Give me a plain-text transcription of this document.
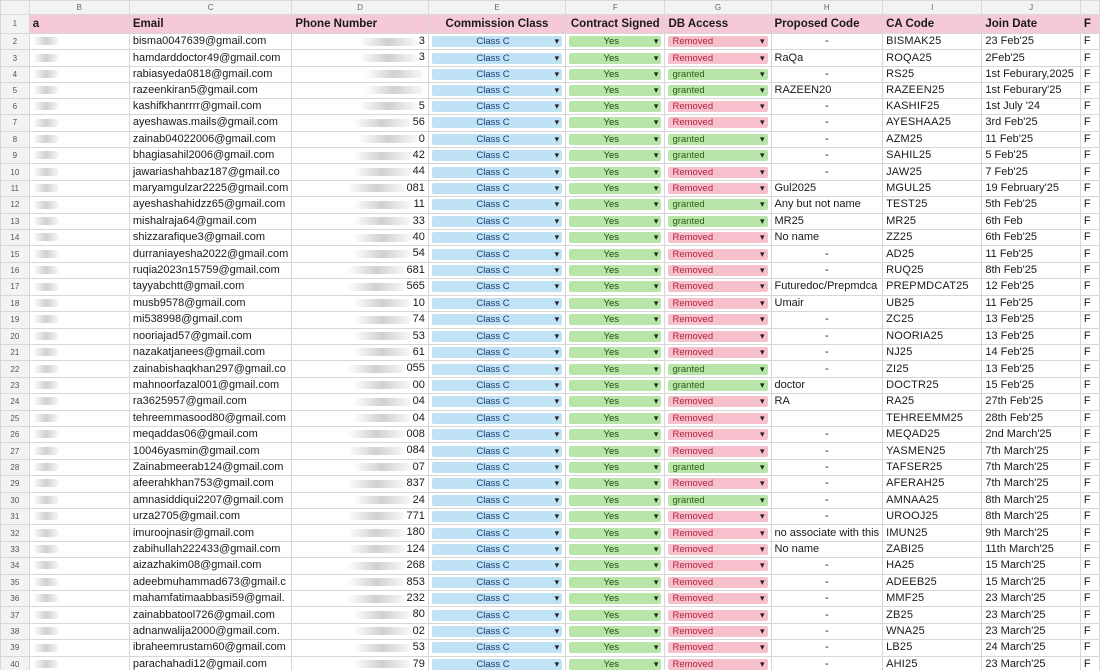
	B	C	D	E	F	G	H	I	J	
1	a	Email	Phone Number	Commission Class	Contract Signed	DB Access	Proposed Code	CA Code	Join Date	F
2		bisma0047639@gmail.com	3	Class C ▾	Yes ▾	Removed ▾	-	BISMAK25	23 Feb'25	F
3		hamdarddoctor49@gmail.com	3	Class C ▾	Yes ▾	Removed ▾	RaQa	ROQA25	2Feb'25	F
4		rabiasyeda0818@gmail.com		Class C ▾	Yes ▾	granted ▾	-	RS25	1st Feburary,2025	F
5		razeenkiran5@gmail.com		Class C ▾	Yes ▾	granted ▾	RAZEEN20	RAZEEN25	1st Feburary'25	F
6		kashifkhanrrrr@gmail.com	5	Class C ▾	Yes ▾	Removed ▾	-	KASHIF25	1st July '24	F
7		ayeshawas.mails@gmail.com	56	Class C ▾	Yes ▾	Removed ▾	-	AYESHAA25	3rd Feb'25	F
8		zainab04022006@gmail.com	0	Class C ▾	Yes ▾	granted ▾	-	AZM25	11 Feb'25	F
9		bhagiasahil2006@gmail.com	42	Class C ▾	Yes ▾	granted ▾	-	SAHIL25	5 Feb'25	F
10		jawariashahbaz187@gmail.co	44	Class C ▾	Yes ▾	Removed ▾	-	JAW25	7 Feb'25	F
11		maryamgulzar2225@gmail.com	081	Class C ▾	Yes ▾	Removed ▾	Gul2025	MGUL25	19 February'25	F
12		ayeshashahidzz65@gmail.com	11	Class C ▾	Yes ▾	granted ▾	Any but not name	TEST25	5th Feb'25	F
13		mishalraja64@gmail.com	33	Class C ▾	Yes ▾	granted ▾	MR25	MR25	6th Feb	F
14		shizzarafique3@gmail.com	40	Class C ▾	Yes ▾	Removed ▾	No name	ZZ25	6th Feb'25	F
15		durraniayesha2022@gmail.com	54	Class C ▾	Yes ▾	Removed ▾	-	AD25	11 Feb'25	F
16		ruqia2023n15759@gmail.com	681	Class C ▾	Yes ▾	Removed ▾	-	RUQ25	8th Feb'25	F
17		tayyabchtt@gmail.com	565	Class C ▾	Yes ▾	Removed ▾	Futuredoc/Prepmdca	PREPMDCAT25	12 Feb'25	F
18		musb9578@gmail.com	10	Class C ▾	Yes ▾	Removed ▾	Umair	UB25	11 Feb'25	F
19		mi538998@gmail.com	74	Class C ▾	Yes ▾	Removed ▾	-	ZC25	13 Feb'25	F
20		nooriajad57@gmail.com	53	Class C ▾	Yes ▾	Removed ▾	-	NOORIA25	13 Feb'25	F
21		nazakatjanees@gmail.com	61	Class C ▾	Yes ▾	Removed ▾	-	NJ25	14 Feb'25	F
22		zainabishaqkhan297@gmail.co	055	Class C ▾	Yes ▾	granted ▾	-	ZI25	13 Feb'25	F
23		mahnoorfazal001@gmail.com	00	Class C ▾	Yes ▾	granted ▾	doctor	DOCTR25	15 Feb'25	F
24		ra3625957@gmail.com	04	Class C ▾	Yes ▾	Removed ▾	RA	RA25	27th Feb'25	F
25		tehreemmasood80@gmail.com	04	Class C ▾	Yes ▾	Removed ▾		TEHREEMM25	28th Feb'25	F
26		meqaddas06@gmail.com	008	Class C ▾	Yes ▾	Removed ▾	-	MEQAD25	2nd March'25	F
27		10046yasmin@gmail.com	084	Class C ▾	Yes ▾	Removed ▾	-	YASMEN25	7th March'25	F
28		Zainabmeerab124@gmail.com	07	Class C ▾	Yes ▾	granted ▾	-	TAFSER25	7th March'25	F
29		afeerahkhan753@gmail.com	837	Class C ▾	Yes ▾	Removed ▾	-	AFERAH25	7th March'25	F
30		amnasiddiqui2207@gmail.com	24	Class C ▾	Yes ▾	granted ▾	-	AMNAA25	8th March'25	F
31		urza2705@gmail.com	771	Class C ▾	Yes ▾	Removed ▾	-	UROOJ25	8th March'25	F
32		imuroojnasir@gmail.com	180	Class C ▾	Yes ▾	Removed ▾	no associate with this	IMUN25	9th March'25	F
33		zabihullah222433@gmail.com	124	Class C ▾	Yes ▾	Removed ▾	No name	ZABI25	11th March'25	F
34		aizazhakim08@gmail.com	268	Class C ▾	Yes ▾	Removed ▾	-	HA25	15 March'25	F
35		adeebmuhammad673@gmail.c	853	Class C ▾	Yes ▾	Removed ▾	-	ADEEB25	15 March'25	F
36		mahamfatimaabbasi59@gmail.	232	Class C ▾	Yes ▾	Removed ▾	-	MMF25	23 March'25	F
37		zainabbatool726@gmail.com	80	Class C ▾	Yes ▾	Removed ▾	-	ZB25	23 March'25	F
38		adnanwalija2000@gmail.com.	02	Class C ▾	Yes ▾	Removed ▾	-	WNA25	23 March'25	F
39		ibraheemrustam60@gmail.com	53	Class C ▾	Yes ▾	Removed ▾	-	LB25	24 March'25	F
40		parachahadi12@gmail.com	79	Class C ▾	Yes ▾	Removed ▾	-	AHI25	23 March'25	F
